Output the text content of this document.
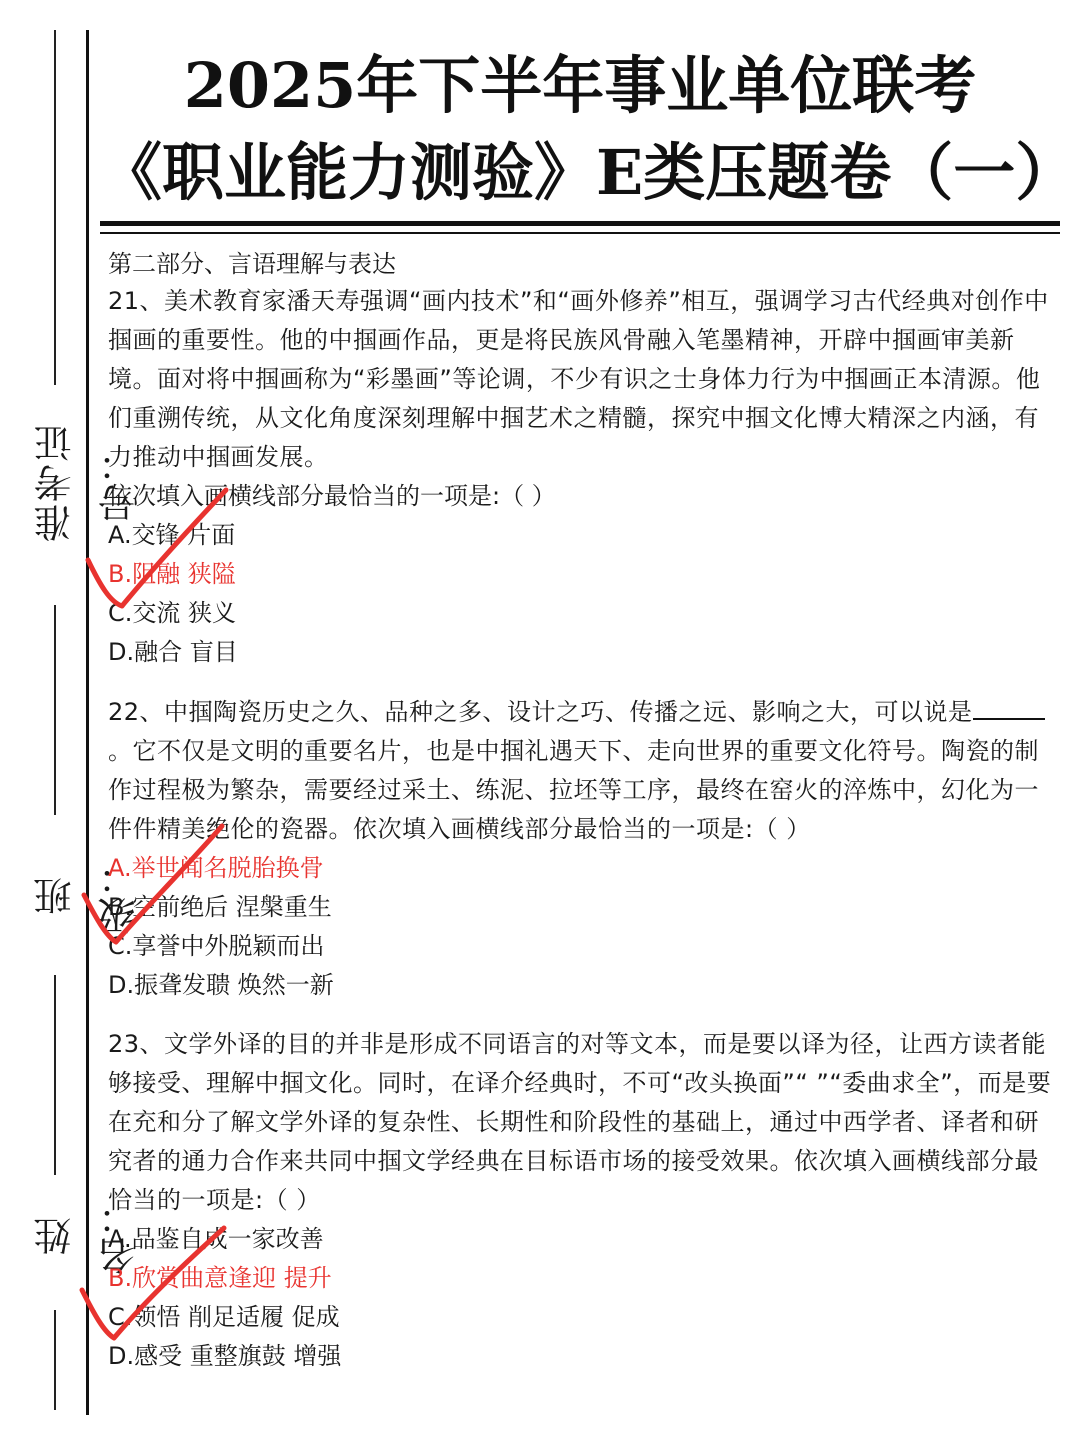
准考证号：
班级：
姓名：
2025年下半年事业单位联考
《职业能力测验》E类压题卷（一）

第二部分、言语理解与表达

21、美术教育家潘天寿强调“画内技术”和“画外修养”相互，强调学习古代经典对创作中掴画的重要性。他的中掴画作品，更是将民族风骨融入笔墨精神，开辟中掴画审美新境。面对将中掴画称为“彩墨画”等论调，不少有识之士身体力行为中掴画正本清源。他们重溯传统，从文化角度深刻理解中掴艺术之精髓，探究中掴文化博大精深之内涵，有力推动中掴画发展。

依次填入画横线部分最恰当的一项是:（ ）

A.交锋 片面

B.阻融 狭隘

C.交流 狭义

D.融合 盲目

22、中掴陶瓷历史之久、品种之多、设计之巧、传播之远、影响之大，可以说是。它不仅是文明的重要名片，也是中掴礼遇天下、走向世界的重要文化符号。陶瓷的制作过程极为繁杂，需要经过采土、练泥、拉坯等工序，最终在窑火的淬炼中，幻化为一件件精美绝伦的瓷器。依次填入画横线部分最恰当的一项是:（ ）

A.举世闻名脱胎换骨

B.空前绝后 涅槃重生

C.享誉中外脱颖而出

D.振聋发聩 焕然一新

23、文学外译的目的并非是形成不同语言的对等文本，而是要以译为径，让西方读者能够接受、理解中掴文化。同时，在译介经典时，不可“改头换面”“ ”“委曲求全”，而是要在充和分了解文学外译的复杂性、长期性和阶段性的基础上，通过中西学者、译者和研究者的通力合作来共同中掴文学经典在目标语市场的接受效果。依次填入画横线部分最恰当的一项是:（ ）

A.品鉴自成一家改善

B.欣赏曲意逢迎 提升

C.领悟 削足适履 促成

D.感受 重整旗鼓 增强
